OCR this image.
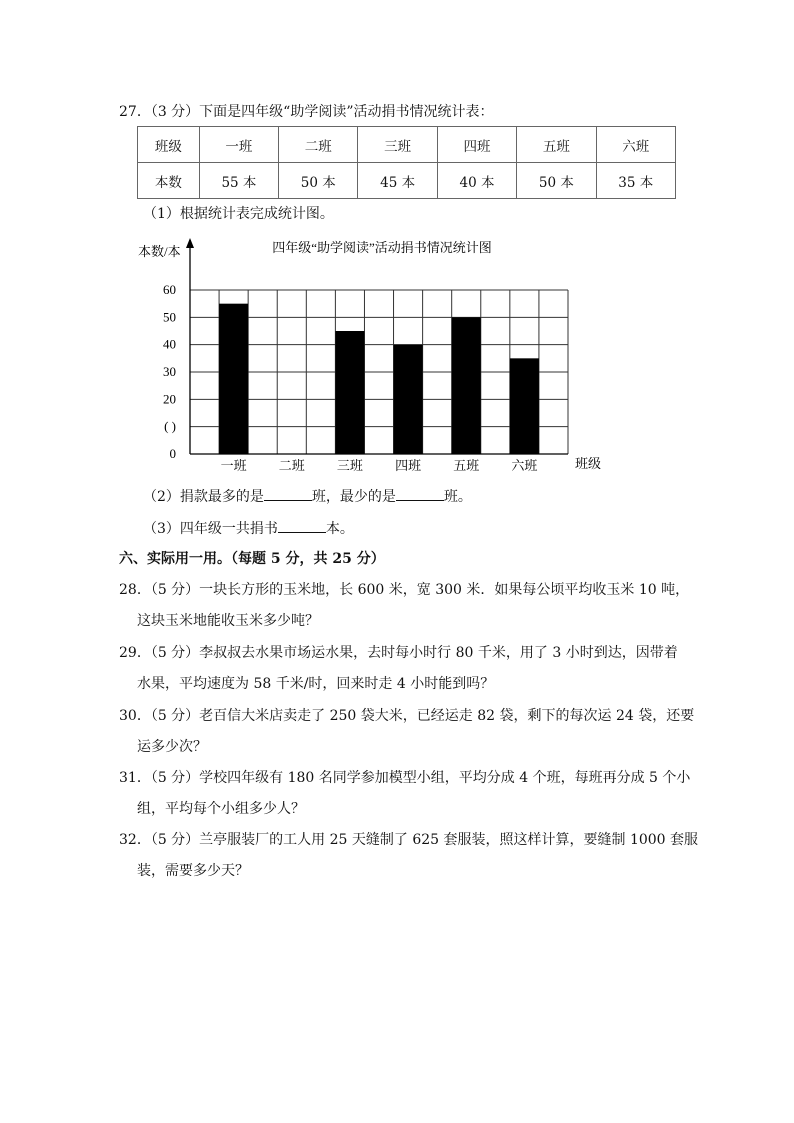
27．（3 分）下面是四年级“助学阅读”活动捐书情况统计表：
班级	一班	二班	三班	四班	五班	六班
本数	55 本	50 本	45 本	40 本	50 本	35 本
（1）根据统计表完成统计图。
四年级“助学阅读”活动捐书情况统计图
本数/本
班级
一班 二班 三班 四班 五班 六班
0
( )
20
30
40
50
60
（2）捐款最多的是	班，最少的是	班。
（3）四年级一共捐书	本。
六、实际用一用。（每题 5 分，共 25 分）
28．（5 分）一块长方形的玉米地，长 600 米，宽 300 米．如果每公顷平均收玉米 10 吨，
这块玉米地能收玉米多少吨？
29．（5 分）李叔叔去水果市场运水果，去时每小时行 80 千米，用了 3 小时到达，因带着
水果，平均速度为 58 千米/时，回来时走 4 小时能到吗？
30．（5 分）老百信大米店卖走了 250 袋大米，已经运走 82 袋，剩下的每次运 24 袋，还要
运多少次？
31．（5 分）学校四年级有 180 名同学参加模型小组，平均分成 4 个班，每班再分成 5 个小
组，平均每个小组多少人？
32．（5 分）兰亭服装厂的工人用 25 天缝制了 625 套服装，照这样计算，要缝制 1000 套服
装，需要多少天？
